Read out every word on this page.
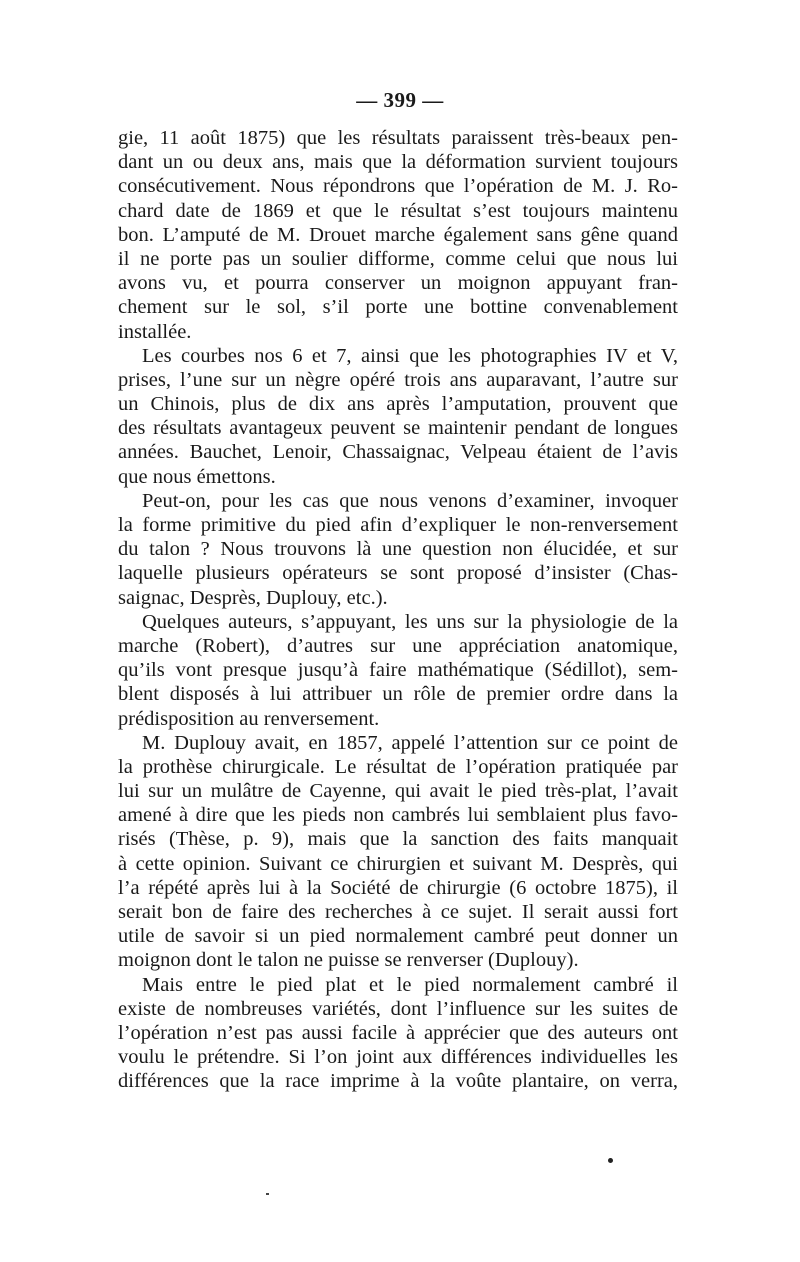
— 399 —
gie, 11 août 1875) que les résultats paraissent très-beaux pen-
dant un ou deux ans, mais que la déformation survient toujours
consécutivement. Nous répondrons que l’opération de M. J. Ro-
chard date de 1869 et que le résultat s’est toujours maintenu
bon. L’amputé de M. Drouet marche également sans gêne quand
il ne porte pas un soulier difforme, comme celui que nous lui
avons vu, et pourra conserver un moignon appuyant fran-
chement sur le sol, s’il porte une bottine convenablement
installée.
Les courbes nos 6 et 7, ainsi que les photographies IV et V,
prises, l’une sur un nègre opéré trois ans auparavant, l’autre sur
un Chinois, plus de dix ans après l’amputation, prouvent que
des résultats avantageux peuvent se maintenir pendant de longues
années. Bauchet, Lenoir, Chassaignac, Velpeau étaient de l’avis
que nous émettons.
Peut-on, pour les cas que nous venons d’examiner, invoquer
la forme primitive du pied afin d’expliquer le non-renversement
du talon ? Nous trouvons là une question non élucidée, et sur
laquelle plusieurs opérateurs se sont proposé d’insister (Chas-
saignac, Desprès, Duplouy, etc.).
Quelques auteurs, s’appuyant, les uns sur la physiologie de la
marche (Robert), d’autres sur une appréciation anatomique,
qu’ils vont presque jusqu’à faire mathématique (Sédillot), sem-
blent disposés à lui attribuer un rôle de premier ordre dans la
prédisposition au renversement.
M. Duplouy avait, en 1857, appelé l’attention sur ce point de
la prothèse chirurgicale. Le résultat de l’opération pratiquée par
lui sur un mulâtre de Cayenne, qui avait le pied très-plat, l’avait
amené à dire que les pieds non cambrés lui semblaient plus favo-
risés (Thèse, p. 9), mais que la sanction des faits manquait
à cette opinion. Suivant ce chirurgien et suivant M. Desprès, qui
l’a répété après lui à la Société de chirurgie (6 octobre 1875), il
serait bon de faire des recherches à ce sujet. Il serait aussi fort
utile de savoir si un pied normalement cambré peut donner un
moignon dont le talon ne puisse se renverser (Duplouy).
Mais entre le pied plat et le pied normalement cambré il
existe de nombreuses variétés, dont l’influence sur les suites de
l’opération n’est pas aussi facile à apprécier que des auteurs ont
voulu le prétendre. Si l’on joint aux différences individuelles les
différences que la race imprime à la voûte plantaire, on verra,
